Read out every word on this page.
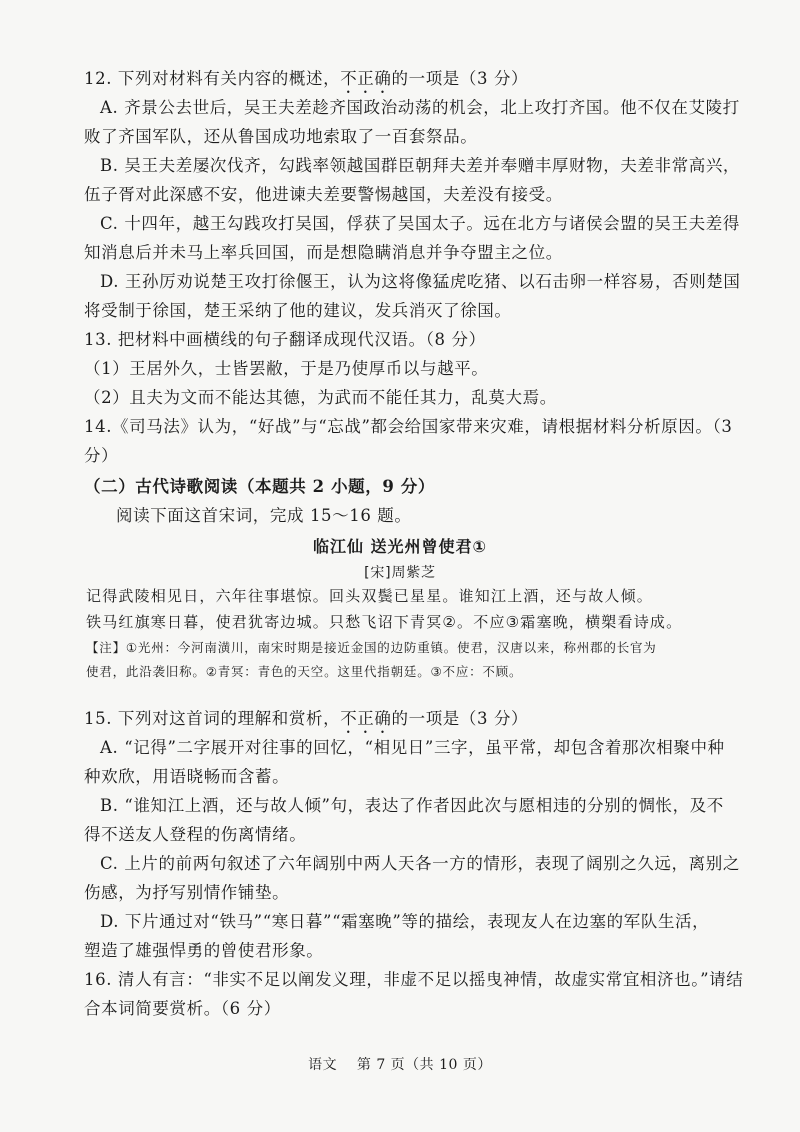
12. 下列对材料有关内容的概述，不正确的一项是（3 分）
A. 齐景公去世后，吴王夫差趁齐国政治动荡的机会，北上攻打齐国。他不仅在艾陵打
败了齐国军队，还从鲁国成功地索取了一百套祭品。
B. 吴王夫差屡次伐齐，勾践率领越国群臣朝拜夫差并奉赠丰厚财物，夫差非常高兴，
伍子胥对此深感不安，他进谏夫差要警惕越国，夫差没有接受。
C. 十四年，越王勾践攻打吴国，俘获了吴国太子。远在北方与诸侯会盟的吴王夫差得
知消息后并未马上率兵回国，而是想隐瞒消息并争夺盟主之位。
D. 王孙厉劝说楚王攻打徐偃王，认为这将像猛虎吃猪、以石击卵一样容易，否则楚国
将受制于徐国，楚王采纳了他的建议，发兵消灭了徐国。
13. 把材料中画横线的句子翻译成现代汉语。（8 分）
（1）王居外久，士皆罢敝，于是乃使厚币以与越平。
（2）且夫为文而不能达其德，为武而不能任其力，乱莫大焉。
14.《司马法》认为，“好战”与“忘战”都会给国家带来灾难，请根据材料分析原因。（3
分）
（二）古代诗歌阅读（本题共 2 小题，9 分）
阅读下面这首宋词，完成 15～16 题。
临江仙 送光州曾使君①
[宋]周紫芝
记得武陵相见日，六年往事堪惊。回头双鬓已星星。谁知江上酒，还与故人倾。
铁马红旗寒日暮，使君犹寄边城。只愁飞诏下青冥②。不应③霜塞晚，横槊看诗成。
【注】①光州：今河南潢川，南宋时期是接近金国的边防重镇。使君，汉唐以来，称州郡的长官为
使君，此沿袭旧称。②青冥：青色的天空。这里代指朝廷。③不应：不顾。
15. 下列对这首词的理解和赏析，不正确的一项是（3 分）
A. “记得”二字展开对往事的回忆，“相见日”三字，虽平常，却包含着那次相聚中种
种欢欣，用语晓畅而含蓄。
B. “谁知江上酒，还与故人倾”句，表达了作者因此次与愿相违的分别的惆怅，及不
得不送友人登程的伤离情绪。
C. 上片的前两句叙述了六年阔别中两人天各一方的情形，表现了阔别之久远，离别之
伤感，为抒写别情作铺垫。
D. 下片通过对“铁马”“寒日暮”“霜塞晚”等的描绘，表现友人在边塞的军队生活，
塑造了雄强悍勇的曾使君形象。
16. 清人有言：“非实不足以阐发义理，非虚不足以摇曳神情，故虚实常宜相济也。”请结
合本词简要赏析。（6 分）
语文    第 7 页（共 10 页）
